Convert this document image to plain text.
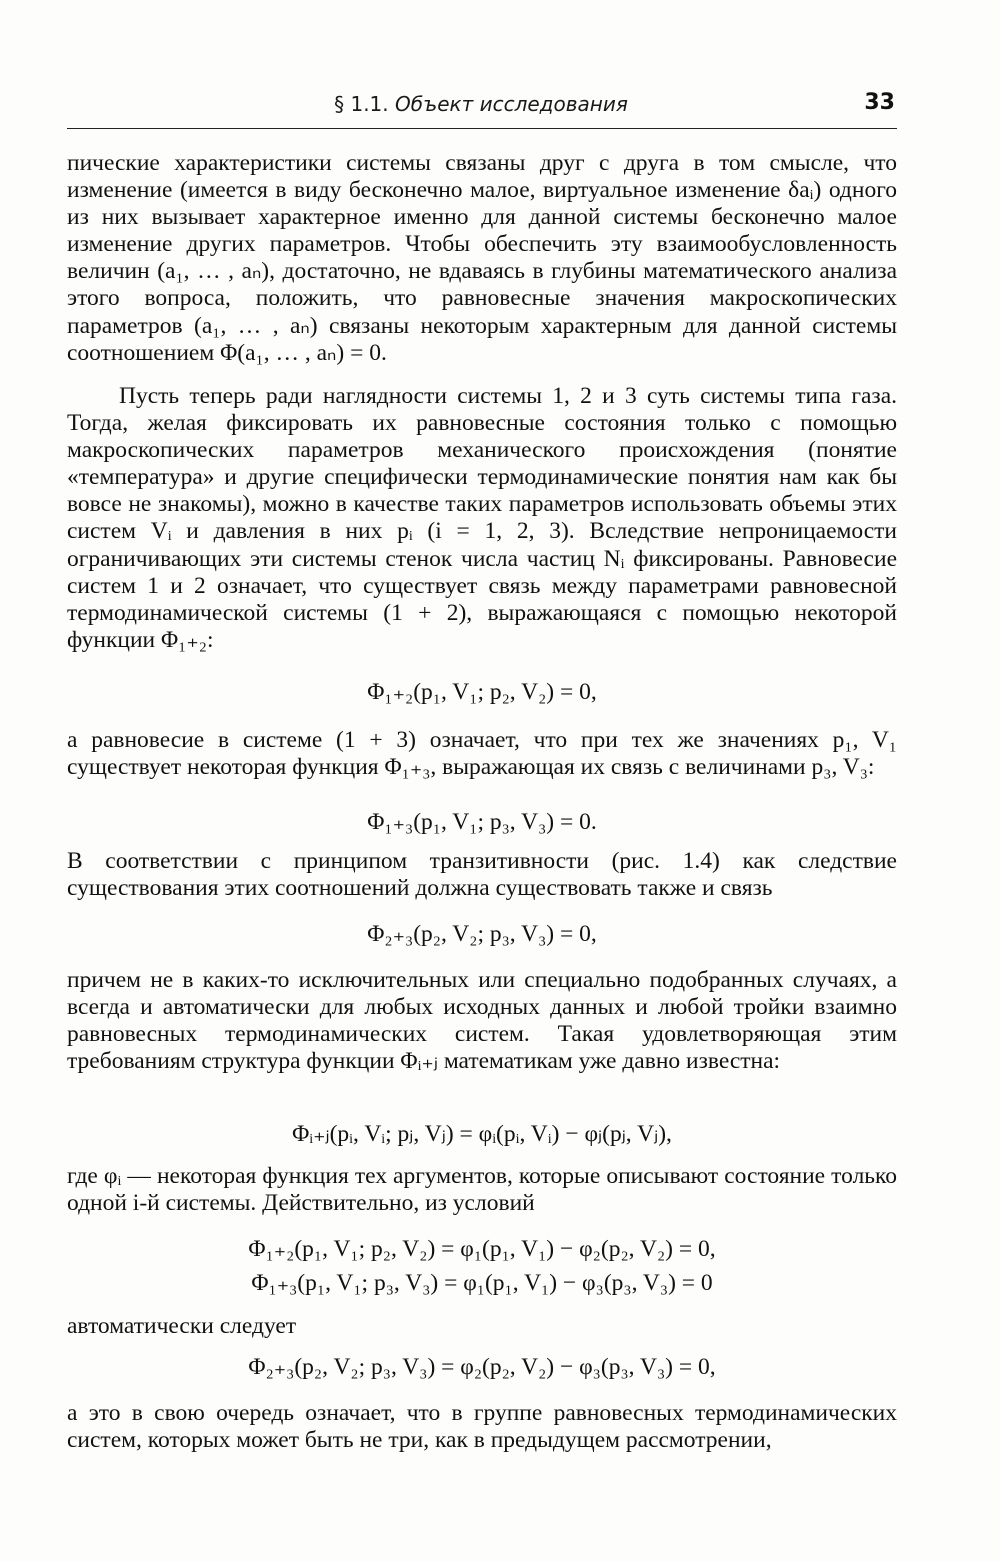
§ 1.1. Объект исследования	33

пические характеристики системы связаны друг с друга в том смысле, что изменение (имеется в виду бесконечно малое, виртуальное изменение δaᵢ) одного из них вызывает характерное именно для данной системы бесконечно малое изменение других параметров. Чтобы обеспечить эту взаимообусловленность величин (a₁, … , aₙ), достаточно, не вдаваясь в глубины математического анализа этого вопроса, положить, что равновесные значения макроскопических параметров (a₁, … , aₙ) связаны некоторым характерным для данной системы соотношением Φ(a₁, … , aₙ) = 0.

Пусть теперь ради наглядности системы 1, 2 и 3 суть системы типа газа. Тогда, желая фиксировать их равновесные состояния только с помощью макроскопических параметров механического происхождения (понятие «температура» и другие специфически термодинамические понятия нам как бы вовсе не знакомы), можно в качестве таких параметров использовать объемы этих систем Vᵢ и давления в них pᵢ (i = 1, 2, 3). Вследствие непроницаемости ограничивающих эти системы стенок числа частиц Nᵢ фиксированы. Равновесие систем 1 и 2 означает, что существует связь между параметрами равновесной термодинамической системы (1 + 2), выражающаяся с помощью некоторой функции Φ₁₊₂:

Φ₁₊₂(p₁, V₁; p₂, V₂) = 0,

а равновесие в системе (1 + 3) означает, что при тех же значениях p₁, V₁ существует некоторая функция Φ₁₊₃, выражающая их связь с величинами p₃, V₃:

Φ₁₊₃(p₁, V₁; p₃, V₃) = 0.

В соответствии с принципом транзитивности (рис. 1.4) как следствие существования этих соотношений должна существовать также и связь

Φ₂₊₃(p₂, V₂; p₃, V₃) = 0,

причем не в каких-то исключительных или специально подобранных случаях, а всегда и автоматически для любых исходных данных и любой тройки взаимно равновесных термодинамических систем. Такая удовлетворяющая этим требованиям структура функции Φᵢ₊ⱼ математикам уже давно известна:

Φᵢ₊ⱼ(pᵢ, Vᵢ; pⱼ, Vⱼ) = φᵢ(pᵢ, Vᵢ) − φⱼ(pⱼ, Vⱼ),

где φᵢ — некоторая функция тех аргументов, которые описывают состояние только одной i-й системы. Действительно, из условий

Φ₁₊₂(p₁, V₁; p₂, V₂) = φ₁(p₁, V₁) − φ₂(p₂, V₂) = 0,
Φ₁₊₃(p₁, V₁; p₃, V₃) = φ₁(p₁, V₁) − φ₃(p₃, V₃) = 0

автоматически следует

Φ₂₊₃(p₂, V₂; p₃, V₃) = φ₂(p₂, V₂) − φ₃(p₃, V₃) = 0,

а это в свою очередь означает, что в группе равновесных термодинамических систем, которых может быть не три, как в предыдущем рассмотрении,
